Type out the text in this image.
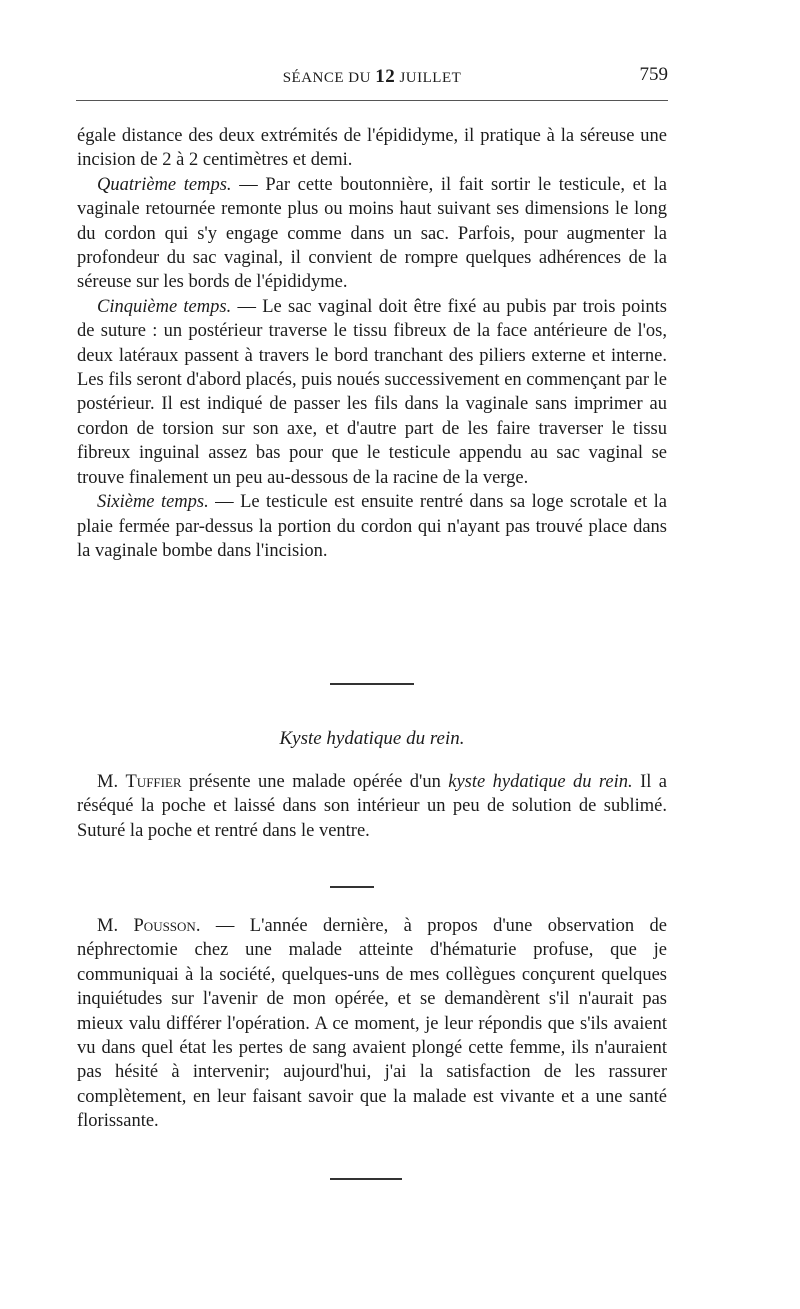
SÉANCE DU 12 JUILLET	759

égale distance des deux extrémités de l'épididyme, il pratique à la séreuse une incision de 2 à 2 centimètres et demi.

Quatrième temps. — Par cette boutonnière, il fait sortir le testicule, et la vaginale retournée remonte plus ou moins haut suivant ses dimensions le long du cordon qui s'y engage comme dans un sac. Parfois, pour augmenter la profondeur du sac vaginal, il convient de rompre quelques adhérences de la séreuse sur les bords de l'épididyme.

Cinquième temps. — Le sac vaginal doit être fixé au pubis par trois points de suture : un postérieur traverse le tissu fibreux de la face antérieure de l'os, deux latéraux passent à travers le bord tranchant des piliers externe et interne. Les fils seront d'abord placés, puis noués successivement en commençant par le postérieur. Il est indiqué de passer les fils dans la vaginale sans imprimer au cordon de torsion sur son axe, et d'autre part de les faire traverser le tissu fibreux inguinal assez bas pour que le testicule appendu au sac vaginal se trouve finalement un peu au-dessous de la racine de la verge.

Sixième temps. — Le testicule est ensuite rentré dans sa loge scrotale et la plaie fermée par-dessus la portion du cordon qui n'ayant pas trouvé place dans la vaginale bombe dans l'incision.

Kyste hydatique du rein.

M. Tuffier présente une malade opérée d'un kyste hydatique du rein. Il a réséqué la poche et laissé dans son intérieur un peu de solution de sublimé. Suturé la poche et rentré dans le ventre.

M. Pousson. — L'année dernière, à propos d'une observation de néphrectomie chez une malade atteinte d'hématurie profuse, que je communiquai à la société, quelques-uns de mes collègues conçurent quelques inquiétudes sur l'avenir de mon opérée, et se demandèrent s'il n'aurait pas mieux valu différer l'opération. A ce moment, je leur répondis que s'ils avaient vu dans quel état les pertes de sang avaient plongé cette femme, ils n'auraient pas hésité à intervenir; aujourd'hui, j'ai la satisfaction de les rassurer complètement, en leur faisant savoir que la malade est vivante et a une santé florissante.
